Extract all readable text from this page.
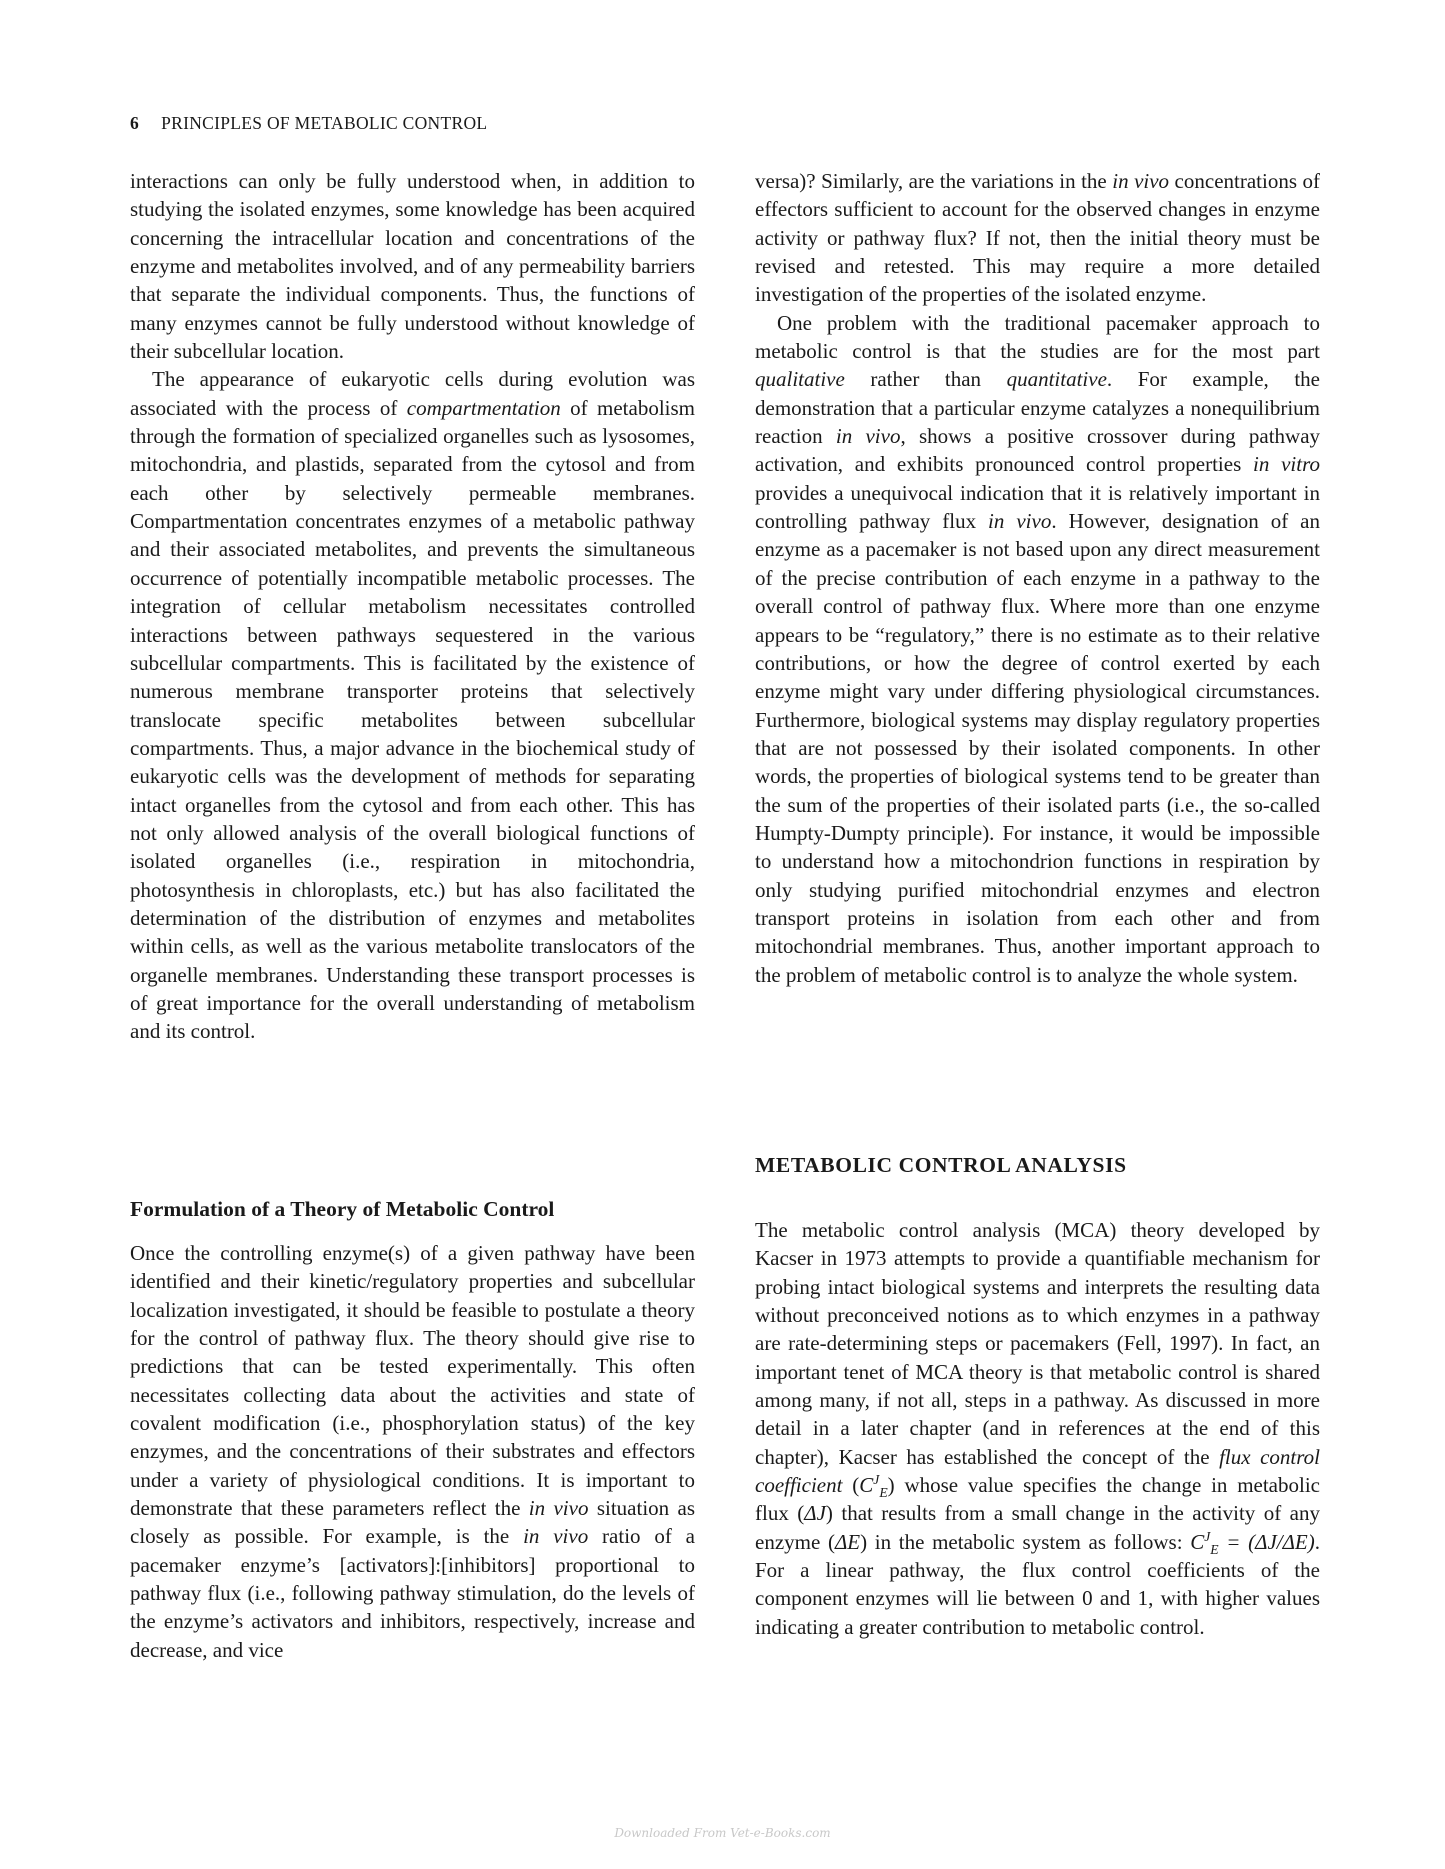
6 PRINCIPLES OF METABOLIC CONTROL

interactions can only be fully understood when, in addition to studying the isolated enzymes, some knowledge has been acquired concerning the intracellular location and concentrations of the enzyme and metabolites involved, and of any permeability barriers that separate the individual components. Thus, the functions of many enzymes cannot be fully understood without knowledge of their subcellular location.

The appearance of eukaryotic cells during evolution was associated with the process of compartmentation of metabolism through the formation of specialized organelles such as lysosomes, mitochondria, and plastids, separated from the cytosol and from each other by selectively permeable membranes. Compartmentation concentrates enzymes of a metabolic pathway and their associated metabolites, and prevents the simultaneous occurrence of potentially incompatible metabolic processes. The integration of cellular metabolism necessitates controlled interactions between pathways sequestered in the various subcellular compartments. This is facilitated by the existence of numerous membrane transporter proteins that selectively translocate specific metabolites between subcellular compartments. Thus, a major advance in the biochemical study of eukaryotic cells was the development of methods for separating intact organelles from the cytosol and from each other. This has not only allowed analysis of the overall biological functions of isolated organelles (i.e., respiration in mitochondria, photosynthesis in chloroplasts, etc.) but has also facilitated the determination of the distribution of enzymes and metabolites within cells, as well as the various metabolite translocators of the organelle membranes. Understanding these transport processes is of great importance for the overall understanding of metabolism and its control.

Formulation of a Theory of Metabolic Control

Once the controlling enzyme(s) of a given pathway have been identified and their kinetic/regulatory properties and subcellular localization investigated, it should be feasible to postulate a theory for the control of pathway flux. The theory should give rise to predictions that can be tested experimentally. This often necessitates collecting data about the activities and state of covalent modification (i.e., phosphorylation status) of the key enzymes, and the concentrations of their substrates and effectors under a variety of physiological conditions. It is important to demonstrate that these parameters reflect the in vivo situation as closely as possible. For example, is the in vivo ratio of a pacemaker enzyme’s [activators]:[inhibitors] proportional to pathway flux (i.e., following pathway stimulation, do the levels of the enzyme’s activators and inhibitors, respectively, increase and decrease, and vice

versa)? Similarly, are the variations in the in vivo concentrations of effectors sufficient to account for the observed changes in enzyme activity or pathway flux? If not, then the initial theory must be revised and retested. This may require a more detailed investigation of the properties of the isolated enzyme.

One problem with the traditional pacemaker approach to metabolic control is that the studies are for the most part qualitative rather than quantitative. For example, the demonstration that a particular enzyme catalyzes a nonequilibrium reaction in vivo, shows a positive crossover during pathway activation, and exhibits pronounced control properties in vitro provides a unequivocal indication that it is relatively important in controlling pathway flux in vivo. However, designation of an enzyme as a pacemaker is not based upon any direct measurement of the precise contribution of each enzyme in a pathway to the overall control of pathway flux. Where more than one enzyme appears to be “regulatory,” there is no estimate as to their relative contributions, or how the degree of control exerted by each enzyme might vary under differing physiological circumstances. Furthermore, biological systems may display regulatory properties that are not possessed by their isolated components. In other words, the properties of biological systems tend to be greater than the sum of the properties of their isolated parts (i.e., the so-called Humpty-Dumpty principle). For instance, it would be impossible to understand how a mitochondrion functions in respiration by only studying purified mitochondrial enzymes and electron transport proteins in isolation from each other and from mitochondrial membranes. Thus, another important approach to the problem of metabolic control is to analyze the whole system.

METABOLIC CONTROL ANALYSIS

The metabolic control analysis (MCA) theory developed by Kacser in 1973 attempts to provide a quantifiable mechanism for probing intact biological systems and interprets the resulting data without preconceived notions as to which enzymes in a pathway are rate-determining steps or pacemakers (Fell, 1997). In fact, an important tenet of MCA theory is that metabolic control is shared among many, if not all, steps in a pathway. As discussed in more detail in a later chapter (and in references at the end of this chapter), Kacser has established the concept of the flux control coefficient $(C^J_E)$ whose value specifies the change in metabolic flux (ΔJ) that results from a small change in the activity of any enzyme (ΔE) in the metabolic system as follows: $C^J_E = (\Delta J/\Delta E)$. For a linear pathway, the flux control coefficients of the component enzymes will lie between 0 and 1, with higher values indicating a greater contribution to metabolic control.

Downloaded From Vet-e-Books.com
